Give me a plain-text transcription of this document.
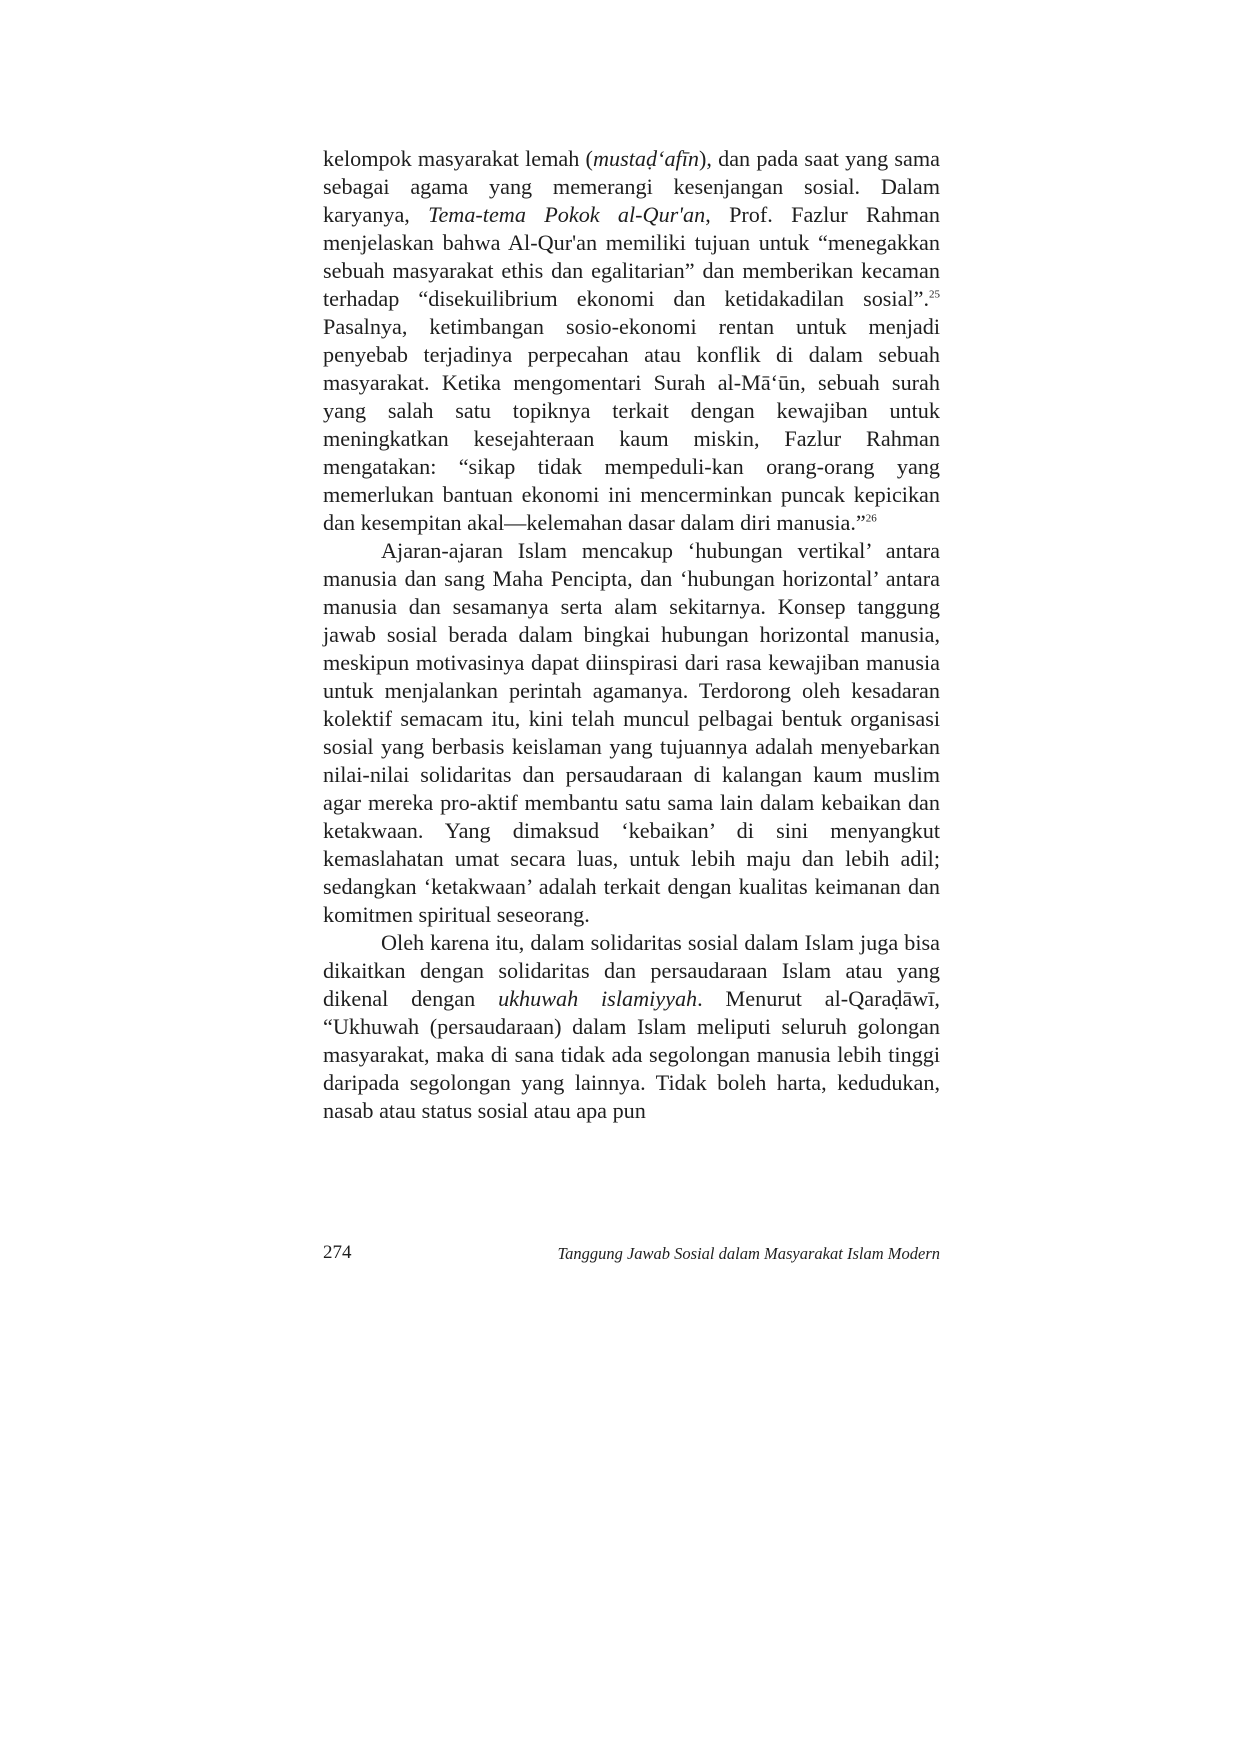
kelompok masyarakat lemah (mustaḍ‘afīn), dan pada saat yang sama sebagai agama yang memerangi kesenjangan sosial. Dalam karyanya, Tema-tema Pokok al-Qur'an, Prof. Fazlur Rahman menjelaskan bahwa Al-Qur'an memiliki tujuan untuk “menegakkan sebuah masyarakat ethis dan egalitarian” dan memberikan kecaman terhadap “disekuilibrium ekonomi dan ketidakadilan sosial”.$^{25}$ Pasalnya, ketimbangan sosio-ekonomi rentan untuk menjadi penyebab terjadinya perpecahan atau konflik di dalam sebuah masyarakat. Ketika mengomentari Surah al-Mā‘ūn, sebuah surah yang salah satu topiknya terkait dengan kewajiban untuk meningkatkan kesejahteraan kaum miskin, Fazlur Rahman mengatakan: “sikap tidak mempeduli-kan orang-orang yang memerlukan bantuan ekonomi ini mencerminkan puncak kepicikan dan kesempitan akal—kelemahan dasar dalam diri manusia.”$^{26}$

Ajaran-ajaran Islam mencakup ‘hubungan vertikal’ antara manusia dan sang Maha Pencipta, dan ‘hubungan horizontal’ antara manusia dan sesamanya serta alam sekitarnya. Konsep tanggung jawab sosial berada dalam bingkai hubungan horizontal manusia, meskipun motivasinya dapat diinspirasi dari rasa kewajiban manusia untuk menjalankan perintah agamanya. Terdorong oleh kesadaran kolektif semacam itu, kini telah muncul pelbagai bentuk organisasi sosial yang berbasis keislaman yang tujuannya adalah menyebarkan nilai-nilai solidaritas dan persaudaraan di kalangan kaum muslim agar mereka pro-aktif membantu satu sama lain dalam kebaikan dan ketakwaan. Yang dimaksud ‘kebaikan’ di sini menyangkut kemaslahatan umat secara luas, untuk lebih maju dan lebih adil; sedangkan ‘ketakwaan’ adalah terkait dengan kualitas keimanan dan komitmen spiritual seseorang.

Oleh karena itu, dalam solidaritas sosial dalam Islam juga bisa dikaitkan dengan solidaritas dan persaudaraan Islam atau yang dikenal dengan ukhuwah islamiyyah. Menurut al-Qaraḍāwī, “Ukhuwah (persaudaraan) dalam Islam meliputi seluruh golongan masyarakat, maka di sana tidak ada segolongan manusia lebih tinggi daripada segolongan yang lainnya. Tidak boleh harta, kedudukan, nasab atau status sosial atau apa pun

274	Tanggung Jawab Sosial dalam Masyarakat Islam Modern
